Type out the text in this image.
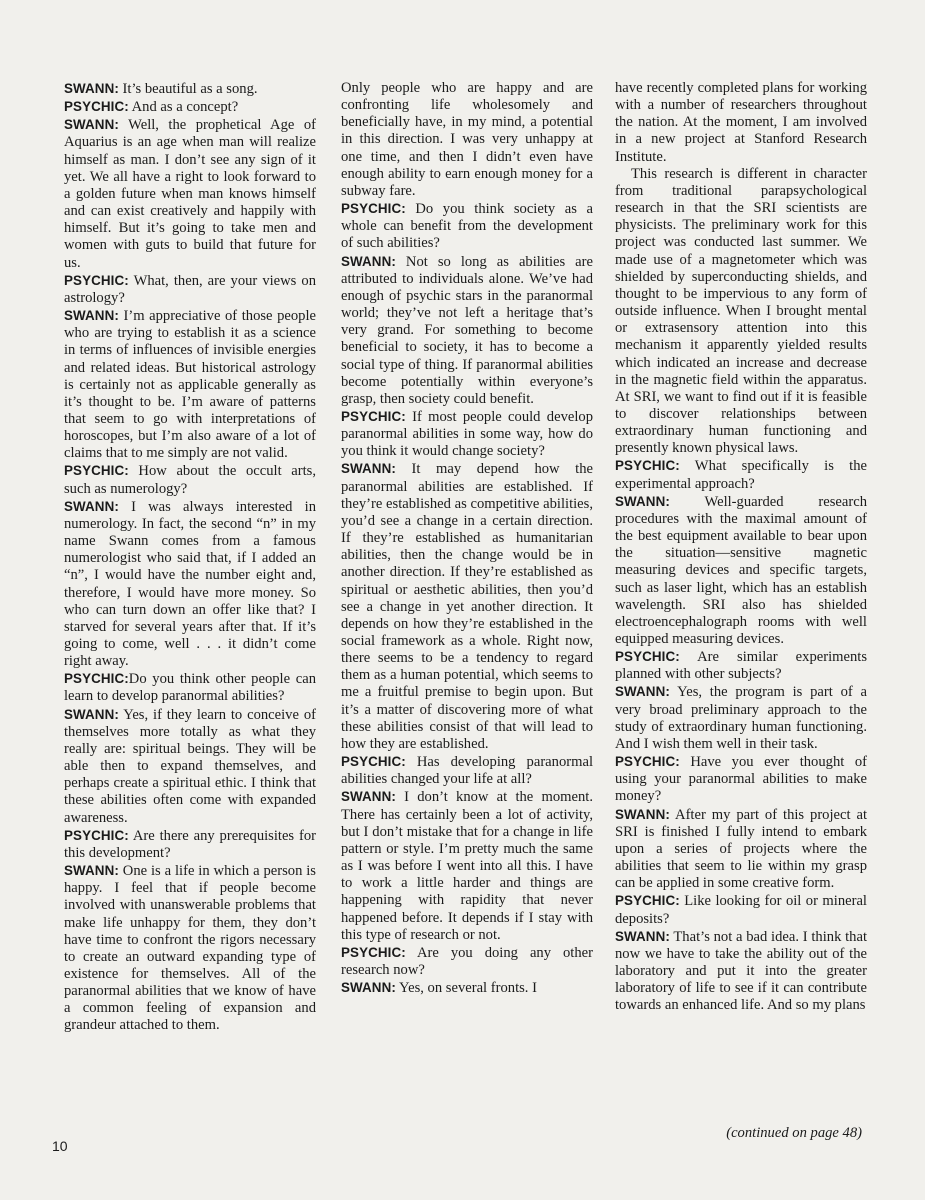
SWANN: It’s beautiful as a song.

PSYCHIC: And as a concept?

SWANN: Well, the prophetical Age of Aquarius is an age when man will realize himself as man. I don’t see any sign of it yet. We all have a right to look forward to a golden future when man knows himself and can exist creatively and happily with himself. But it’s going to take men and women with guts to build that future for us.

PSYCHIC: What, then, are your views on astrology?

SWANN: I’m appreciative of those people who are trying to establish it as a science in terms of influences of invisible energies and related ideas. But historical astrology is certainly not as applicable generally as it’s thought to be. I’m aware of patterns that seem to go with interpretations of horoscopes, but I’m also aware of a lot of claims that to me simply are not valid.

PSYCHIC: How about the occult arts, such as numerology?

SWANN: I was always interested in numerology. In fact, the second “n” in my name Swann comes from a famous numerologist who said that, if I added an “n”, I would have the number eight and, therefore, I would have more money. So who can turn down an offer like that? I starved for several years after that. If it’s going to come, well . . . it didn’t come right away.

PSYCHIC:Do you think other people can learn to develop paranormal abilities?

SWANN: Yes, if they learn to conceive of themselves more totally as what they really are: spiritual beings. They will be able then to expand themselves, and perhaps create a spiritual ethic. I think that these abilities often come with expanded awareness.

PSYCHIC: Are there any prerequisites for this development?

SWANN: One is a life in which a person is happy. I feel that if people become involved with unanswerable problems that make life unhappy for them, they don’t have time to confront the rigors necessary to create an outward expanding type of existence for themselves. All of the paranormal abilities that we know of have a common feeling of expansion and grandeur attached to them.

Only people who are happy and are confronting life wholesomely and beneficially have, in my mind, a potential in this direction. I was very unhappy at one time, and then I didn’t even have enough ability to earn enough money for a subway fare.

PSYCHIC: Do you think society as a whole can benefit from the development of such abilities?

SWANN: Not so long as abilities are attributed to individuals alone. We’ve had enough of psychic stars in the paranormal world; they’ve not left a heritage that’s very grand. For something to become beneficial to society, it has to become a social type of thing. If paranormal abilities become potentially within everyone’s grasp, then society could benefit.

PSYCHIC: If most people could develop paranormal abilities in some way, how do you think it would change society?

SWANN: It may depend how the paranormal abilities are established. If they’re established as competitive abilities, you’d see a change in a certain direction. If they’re established as humanitarian abilities, then the change would be in another direction. If they’re established as spiritual or aesthetic abilities, then you’d see a change in yet another direction. It depends on how they’re established in the social framework as a whole. Right now, there seems to be a tendency to regard them as a human potential, which seems to me a fruitful premise to begin upon. But it’s a matter of discovering more of what these abilities consist of that will lead to how they are established.

PSYCHIC: Has developing paranormal abilities changed your life at all?

SWANN: I don’t know at the moment. There has certainly been a lot of activity, but I don’t mistake that for a change in life pattern or style. I’m pretty much the same as I was before I went into all this. I have to work a little harder and things are happening with rapidity that never happened before. It depends if I stay with this type of research or not.

PSYCHIC: Are you doing any other research now?

SWANN: Yes, on several fronts. I

have recently completed plans for working with a number of researchers throughout the nation. At the moment, I am involved in a new project at Stanford Research Institute.

This research is different in character from traditional parapsychological research in that the SRI scientists are physicists. The preliminary work for this project was conducted last summer. We made use of a magnetometer which was shielded by superconducting shields, and thought to be impervious to any form of outside influence. When I brought mental or extrasensory attention into this mechanism it apparently yielded results which indicated an increase and decrease in the magnetic field within the apparatus. At SRI, we want to find out if it is feasible to discover relationships between extraordinary human functioning and presently known physical laws.

PSYCHIC: What specifically is the experimental approach?

SWANN: Well-guarded research procedures with the maximal amount of the best equipment available to bear upon the situation—sensitive magnetic measuring devices and specific targets, such as laser light, which has an establish wavelength. SRI also has shielded electroencephalograph rooms with well equipped measuring devices.

PSYCHIC: Are similar experiments planned with other subjects?

SWANN: Yes, the program is part of a very broad preliminary approach to the study of extraordinary human functioning. And I wish them well in their task.

PSYCHIC: Have you ever thought of using your paranormal abilities to make money?

SWANN: After my part of this project at SRI is finished I fully intend to embark upon a series of projects where the abilities that seem to lie within my grasp can be applied in some creative form.

PSYCHIC: Like looking for oil or mineral deposits?

SWANN: That’s not a bad idea. I think that now we have to take the ability out of the laboratory and put it into the greater laboratory of life to see if it can contribute towards an enhanced life. And so my plans

(continued on page 48)
10
